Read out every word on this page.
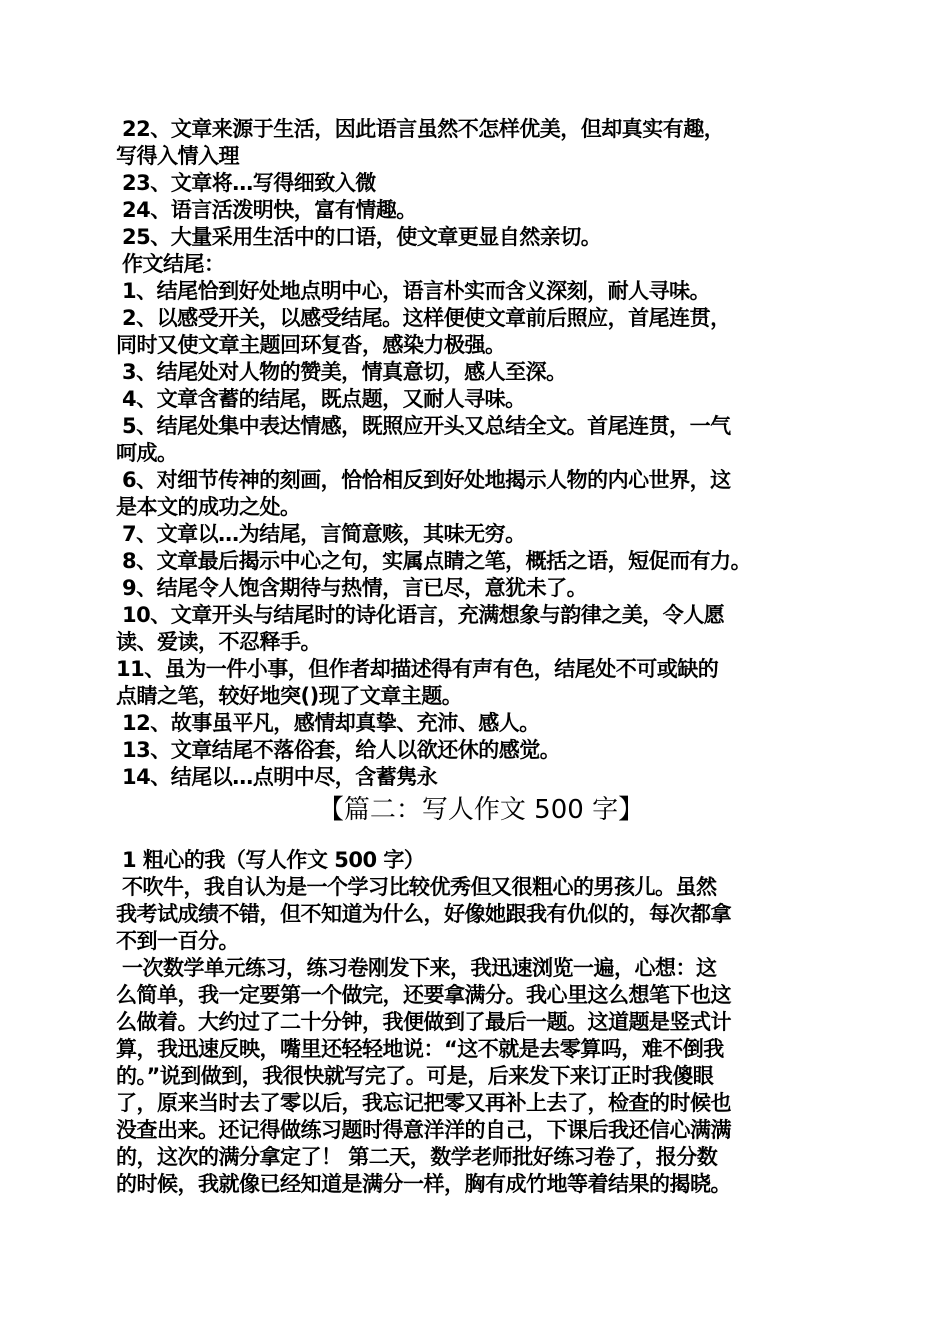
22、文章来源于生活，因此语言虽然不怎样优美，但却真实有趣，
写得入情入理
23、文章将…写得细致入微
24、语言活泼明快，富有情趣。
25、大量采用生活中的口语，使文章更显自然亲切。
作文结尾：
1、结尾恰到好处地点明中心，语言朴实而含义深刻，耐人寻味。
2、以感受开关，以感受结尾。这样便使文章前后照应，首尾连贯，
同时又使文章主题回环复沓，感染力极强。
3、结尾处对人物的赞美，情真意切，感人至深。
4、文章含蓄的结尾，既点题，又耐人寻味。
5、结尾处集中表达情感，既照应开头又总结全文。首尾连贯，一气
呵成。
6、对细节传神的刻画，恰恰相反到好处地揭示人物的内心世界，这
是本文的成功之处。
7、文章以…为结尾，言简意赅，其味无穷。
8、文章最后揭示中心之句，实属点睛之笔，概括之语，短促而有力。
9、结尾令人饱含期待与热情，言已尽，意犹未了。
10、文章开头与结尾时的诗化语言，充满想象与韵律之美，令人愿
读、爱读，不忍释手。
11、虽为一件小事，但作者却描述得有声有色，结尾处不可或缺的
点睛之笔，较好地突()现了文章主题。
12、故事虽平凡，感情却真挚、充沛、感人。
13、文章结尾不落俗套，给人以欲还休的感觉。
14、结尾以…点明中尽，含蓄隽永
【篇二：写人作文 500 字】
1 粗心的我（写人作文 500 字）
不吹牛，我自认为是一个学习比较优秀但又很粗心的男孩儿。虽然
我考试成绩不错，但不知道为什么，好像她跟我有仇似的，每次都拿
不到一百分。
一次数学单元练习，练习卷刚发下来，我迅速浏览一遍，心想：这
么简单，我一定要第一个做完，还要拿满分。我心里这么想笔下也这
么做着。大约过了二十分钟，我便做到了最后一题。这道题是竖式计
算，我迅速反映，嘴里还轻轻地说：“这不就是去零算吗，难不倒我
的。”说到做到，我很快就写完了。可是，后来发下来订正时我傻眼
了，原来当时去了零以后，我忘记把零又再补上去了，检查的时候也
没查出来。还记得做练习题时得意洋洋的自己，下课后我还信心满满
的，这次的满分拿定了！ 第二天，数学老师批好练习卷了，报分数
的时候，我就像已经知道是满分一样，胸有成竹地等着结果的揭晓。
